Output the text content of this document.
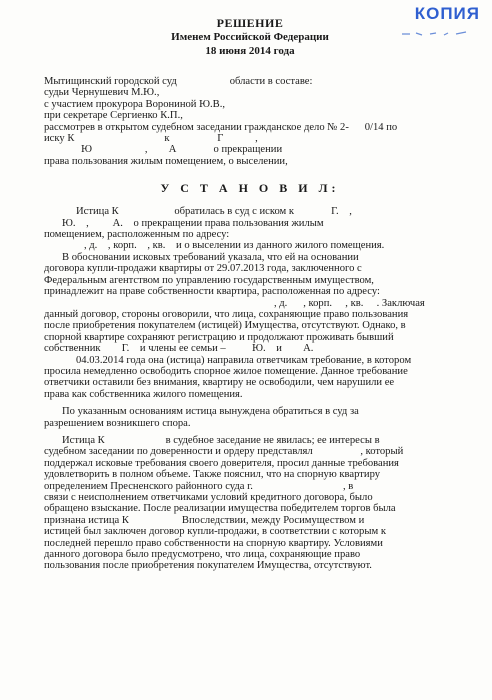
КОПИЯ
РЕШЕНИЕ
Именем Российской Федерации
18 июня 2014 года
Мытищинский городской суд                    области в составе:
судьи Чернушевич М.Ю.,
с участием прокурора Ворониной Ю.В.,
при секретаре Сергиенко К.П.,
рассмотрев в открытом судебном заседании гражданское дело № 2-      0/14 по
иску К                                  к                  Г            ,
Ю                    ,        А              о прекращении
права пользования жилым помещением, о выселении,
У С Т А Н О В И Л:
Истица К                     обратилась в суд с иском к              Г.    ,
Ю.    ,         А.    о прекращении права пользования жилым
помещением, расположенным по адресу:
, д.    , корп.    , кв.    и о выселении из данного жилого помещения.
В обосновании исковых требований указала, что ей на основании
договора купли-продажи квартиры от 29.07.2013 года, заключенного с
Федеральным агентством по управлению государственным имуществом,
принадлежит на праве собственности квартира, расположенная по адресу:
, д.      , корп.     , кв.     . Заключая
данный договор, стороны оговорили, что лица, сохраняющие право пользования
после приобретения покупателем (истицей) Имущества, отсутствуют. Однако, в
спорной квартире сохраняют регистрацию и продолжают проживать бывший
собственник        Г.    и члены ее семьи –          Ю.    и        А.
04.03.2014 года она (истица) направила ответчикам требование, в котором
просила немедленно освободить спорное жилое помещение. Данное требование
ответчики оставили без внимания, квартиру не освободили, чем нарушили ее
права как собственника жилого помещения.
По указанным основаниям истица вынуждена обратиться в суд за
разрешением возникшего спора.
Истица К                       в судебное заседание не явилась; ее интересы в
судебном заседании по доверенности и ордеру представлял                  , который
поддержал исковые требования своего доверителя, просил данные требования
удовлетворить в полном объеме. Также пояснил, что на спорную квартиру
определением Пресненского районного суда г.                                  , в
связи с неисполнением ответчиками условий кредитного договора, было
обращено взыскание. После реализации имущества победителем торгов была
признана истица К                    Впоследствии, между Росимуществом и
истицей был заключен договор купли-продажи, в соответствии с которым к
последней перешло право собственности на спорную квартиру. Условиями
данного договора было предусмотрено, что лица, сохраняющие право
пользования после приобретения покупателем Имущества, отсутствуют.
